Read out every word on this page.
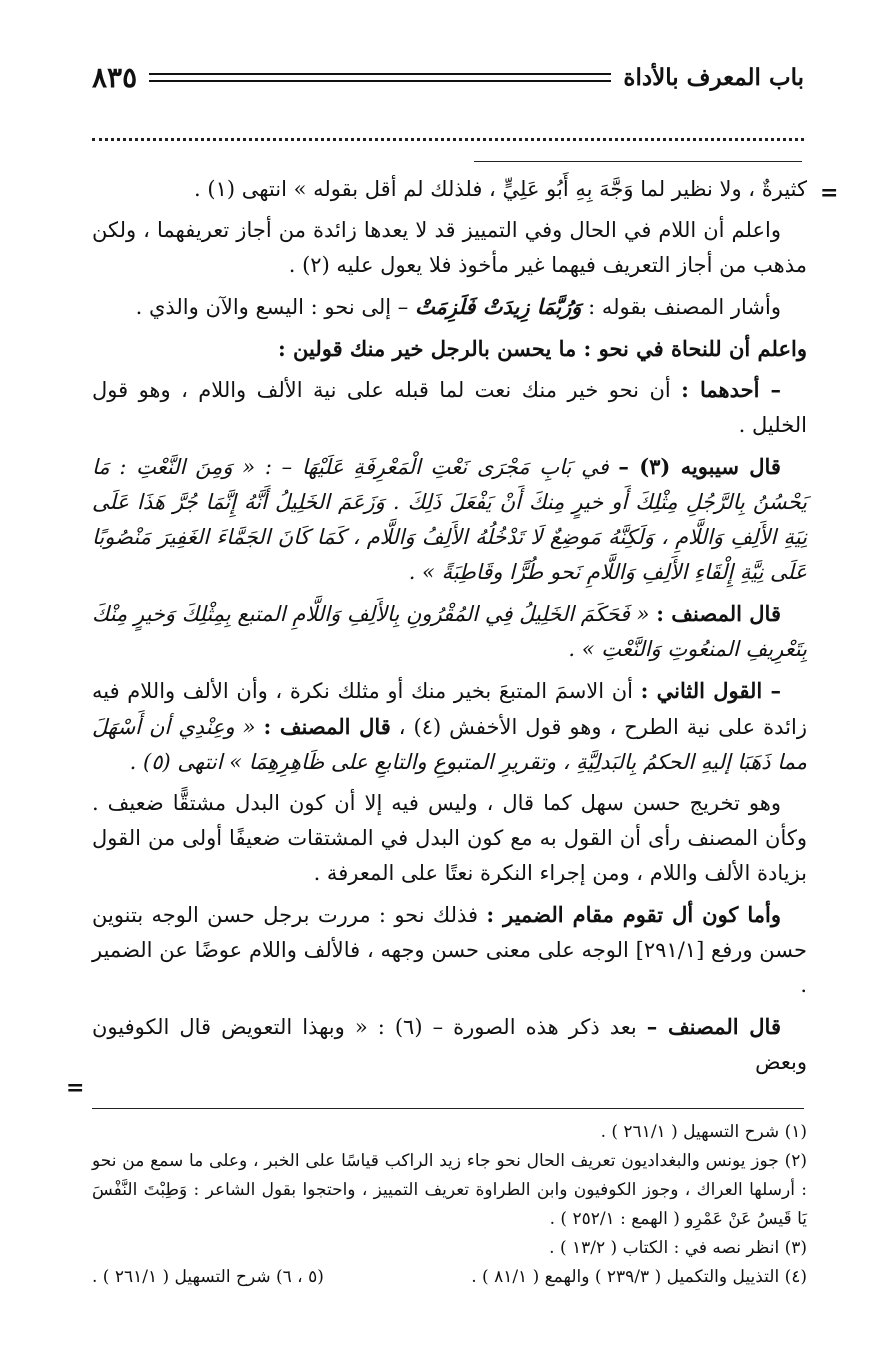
باب المعرف بالأداة
٨٣٥
=
=

كثيرةٌ ، ولا نظير لما وَجَّهَ بِهِ أَبُو عَلِيٍّ ، فلذلك لم أقل بقوله » انتهى (١) .

واعلم أن اللام في الحال وفي التمييز قد لا يعدها زائدة من أجاز تعريفهما ، ولكن مذهب من أجاز التعريف فيهما غير مأخوذ فلا يعول عليه (٢) .

وأشار المصنف بقوله : وَرُبَّمَا زِيدَتْ فَلَزِمَتْ – إلى نحو : اليسع والآن والذي .

واعلم أن للنحاة في نحو : ما يحسن بالرجل خير منك قولين :

– أحدهما : أن نحو خير منك نعت لما قبله على نية الألف واللام ، وهو قول الخليل .

قال سيبويه (٣) – في بَابِ مَجْرَى نَعْتِ الْمَعْرِفَةِ عَلَيْهَا – : « وَمِنَ النَّعْتِ : مَا يَحْسُنُ بِالرَّجُلِ مِثْلِكَ أَو خيرٍ مِنكَ أَنْ يَفْعَلَ ذَلِكَ . وَزَعَمَ الخَلِيلُ أَنَّهُ إِنَّمَا جُرَّ هَذَا عَلَى نِيَةِ الأَلِفِ وَاللَّامِ ، وَلَكِنَّهُ مَوضِعٌ لَا تَدْخُلُهُ الأَلِفُ وَاللَّام ، كَمَا كَانَ الجَمَّاءَ الغَفِيرَ مَنْصُوبًا عَلَى نِيَّةِ إِلْقَاءِ الأَلِفِ وَاللَّامِ نَحو طُرًّا وقَاطِبَةً » .

قال المصنف : « فَحَكَمَ الخَلِيلُ فِي المُقْرُونِ بِالأَلِفِ وَاللَّامِ المتبع بِمِثْلِكَ وَخيرٍ مِنْكَ بِتَعْرِيفِ المنعُوتِ وَالنَّعْتِ » .

– القول الثاني : أن الاسمَ المتبعَ بخير منك أو مثلك نكرة ، وأن الألف واللام فيه زائدة على نية الطرح ، وهو قول الأخفش (٤) ، قال المصنف : « وعِنْدِي أن أَسْهَلَ مما ذَهَبَا إليهِ الحكمُ بِالبَدلِيَّةِ ، وتقريرِ المتبوعِ والتابعِ على ظَاهِرِهِمَا » انتهى (٥) .

وهو تخريج حسن سهل كما قال ، وليس فيه إلا أن كون البدل مشتقًّا ضعيف . وكأن المصنف رأى أن القول به مع كون البدل في المشتقات ضعيفًا أولى من القول بزيادة الألف واللام ، ومن إجراء النكرة نعتًا على المعرفة .

وأما كون أل تقوم مقام الضمير : فذلك نحو : مررت برجل حسن الوجه بتنوين حسن ورفع [٢٩١/١] الوجه على معنى حسن وجهه ، فالألف واللام عوضًا عن الضمير .

قال المصنف – بعد ذكر هذه الصورة – (٦) : « وبهذا التعويض قال الكوفيون وبعض

(١) شرح التسهيل ( ٢٦١/١ ) .

(٢) جوز يونس والبغداديون تعريف الحال نحو جاء زيد الراكب قياسًا على الخبر ، وعلى ما سمع من نحو : أرسلها العراك ، وجوز الكوفيون وابن الطراوة تعريف التمييز ، واحتجوا بقول الشاعر : وَطِبْتَ النَّفْسَ يَا قَيسُ عَنْ عَمْرِو ( الهمع : ٢٥٢/١ ) .

(٣) انظر نصه في : الكتاب ( ١٣/٢ ) .

(٤) التذييل والتكميل ( ٢٣٩/٣ ) والهمع ( ٨١/١ ) .
(٥ ، ٦) شرح التسهيل ( ٢٦١/١ ) .
